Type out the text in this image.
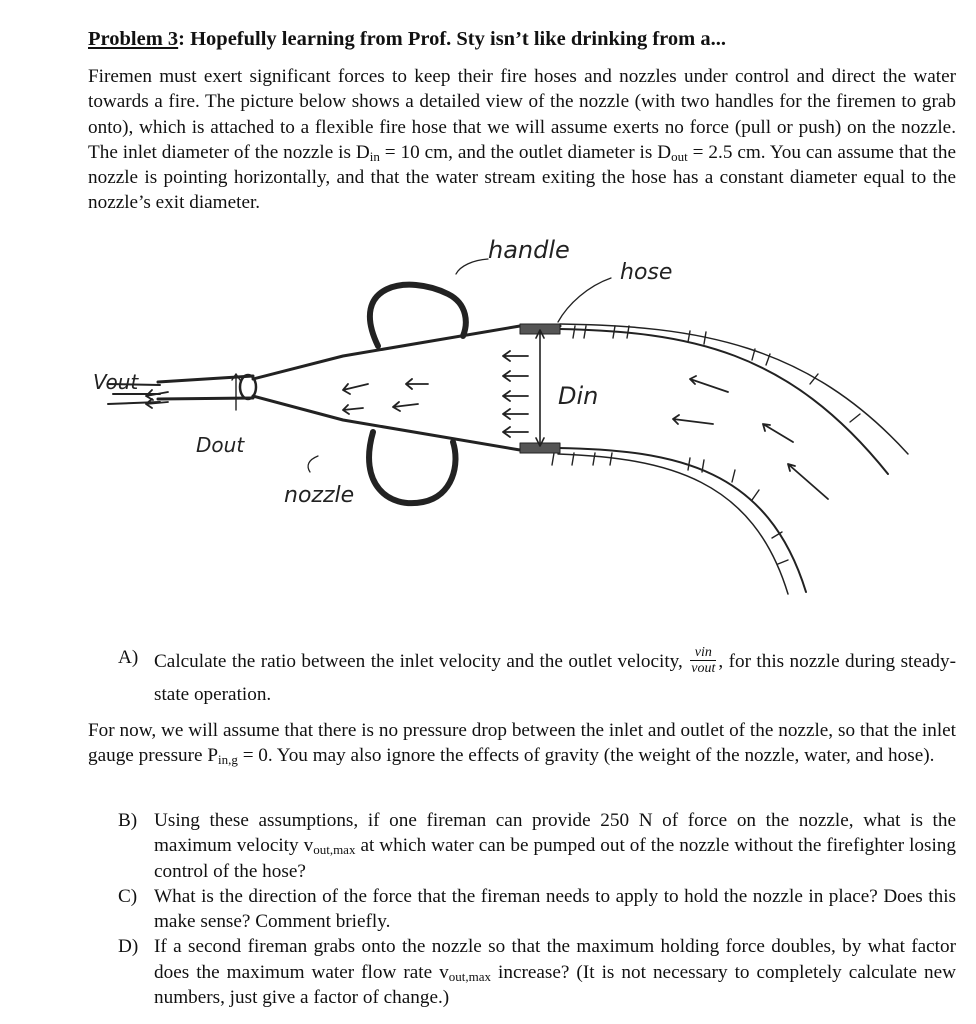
Problem 3: Hopefully learning from Prof. Sty isn’t like drinking from a...
Firemen must exert significant forces to keep their fire hoses and nozzles under control and direct the water towards a fire. The picture below shows a detailed view of the nozzle (with two handles for the firemen to grab onto), which is attached to a flexible fire hose that we will assume exerts no force (pull or push) on the nozzle. The inlet diameter of the nozzle is $D_{in} = 10$ cm, and the outlet diameter is $D_{out} = 2.5$ cm. You can assume that the nozzle is pointing horizontally, and that the water stream exiting the hose has a constant diameter equal to the nozzle’s exit diameter.
handle
hose
Vout	Din
Dout
nozzle
A) Calculate the ratio between the inlet velocity and the outlet velocity, $\frac{\text{vin}}{\text{vout}}$ , for this nozzle during steady-state operation.
For now, we will assume that there is no pressure drop between the inlet and outlet of the nozzle, so that the inlet gauge pressure $P_{in,g} = 0$. You may also ignore the effects of gravity (the weight of the nozzle, water, and hose).
B) Using these assumptions, if one fireman can provide 250 N of force on the nozzle, what is the maximum velocity $v_{out,max}$ at which water can be pumped out of the nozzle without the firefighter losing control of the hose?
C) What is the direction of the force that the fireman needs to apply to hold the nozzle in place? Does this make sense? Comment briefly.
D) If a second fireman grabs onto the nozzle so that the maximum holding force doubles, by what factor does the maximum water flow rate $v_{out,max}$ increase? (It is not necessary to completely calculate new numbers, just give a factor of change.)
